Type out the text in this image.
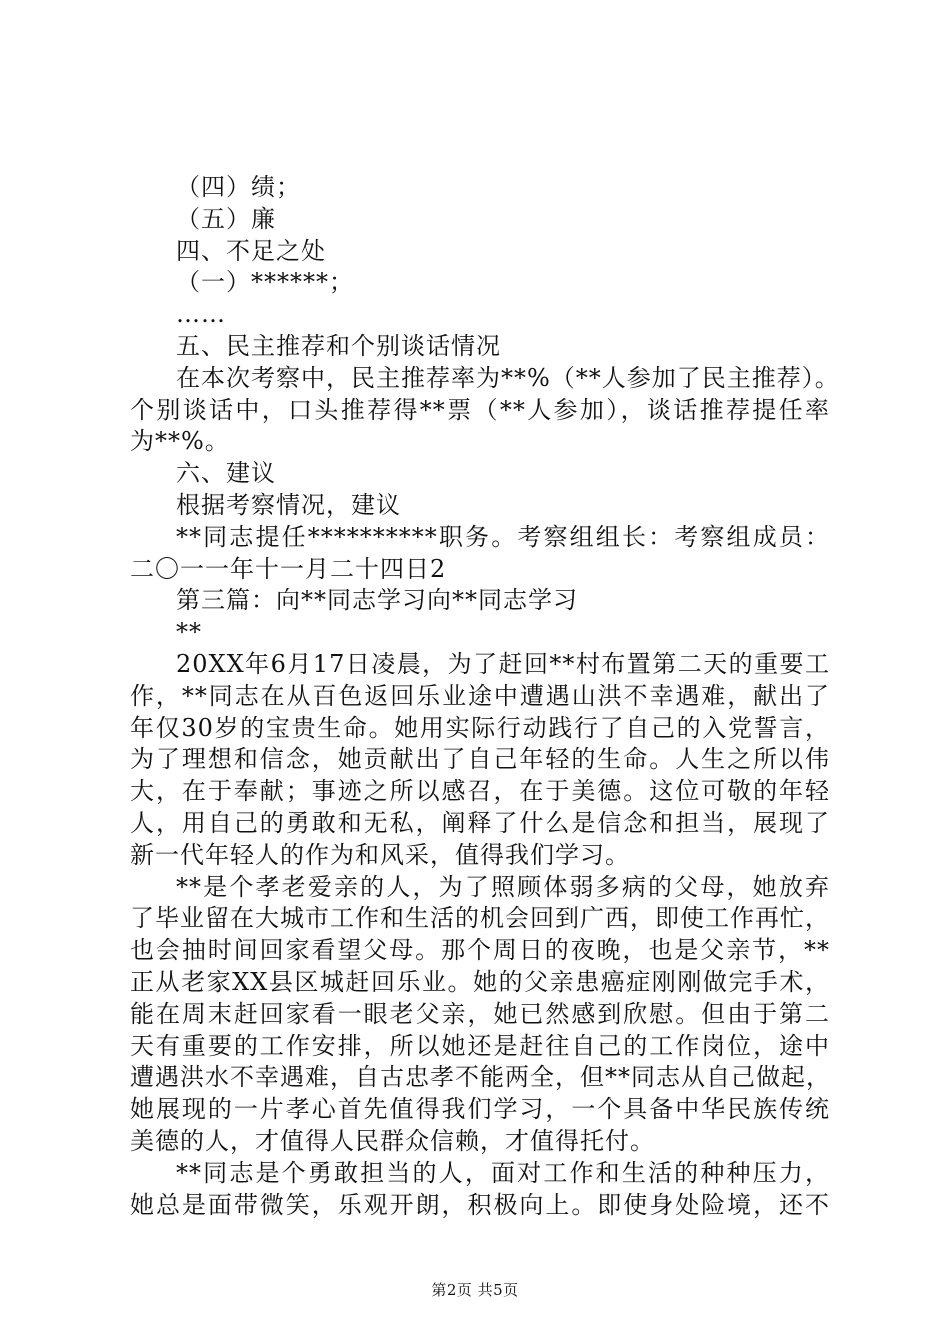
（四）绩；
（五）廉
四、不足之处
（一）******；
……
五、民主推荐和个别谈话情况
在本次考察中，民主推荐率为**%（**人参加了民主推荐）。
个别谈话中，口头推荐得**票（**人参加），谈话推荐提任率
为**%。
六、建议
根据考察情况，建议
**同志提任**********职务。考察组组长：考察组成员：
二〇一一年十一月二十四日2
第三篇：向**同志学习向**同志学习
**
20XX年6月17日凌晨，为了赶回**村布置第二天的重要工
作，**同志在从百色返回乐业途中遭遇山洪不幸遇难，献出了
年仅30岁的宝贵生命。她用实际行动践行了自己的入党誓言，
为了理想和信念，她贡献出了自己年轻的生命。人生之所以伟
大，在于奉献；事迹之所以感召，在于美德。这位可敬的年轻
人，用自己的勇敢和无私，阐释了什么是信念和担当，展现了
新一代年轻人的作为和风采，值得我们学习。
**是个孝老爱亲的人，为了照顾体弱多病的父母，她放弃
了毕业留在大城市工作和生活的机会回到广西，即使工作再忙，
也会抽时间回家看望父母。那个周日的夜晚，也是父亲节，**
正从老家XX县区城赶回乐业。她的父亲患癌症刚刚做完手术，
能在周末赶回家看一眼老父亲，她已然感到欣慰。但由于第二
天有重要的工作安排，所以她还是赶往自己的工作岗位，途中
遭遇洪水不幸遇难，自古忠孝不能两全，但**同志从自己做起，
她展现的一片孝心首先值得我们学习，一个具备中华民族传统
美德的人，才值得人民群众信赖，才值得托付。
**同志是个勇敢担当的人，面对工作和生活的种种压力，
她总是面带微笑，乐观开朗，积极向上。即使身处险境，还不
第2页 共5页
